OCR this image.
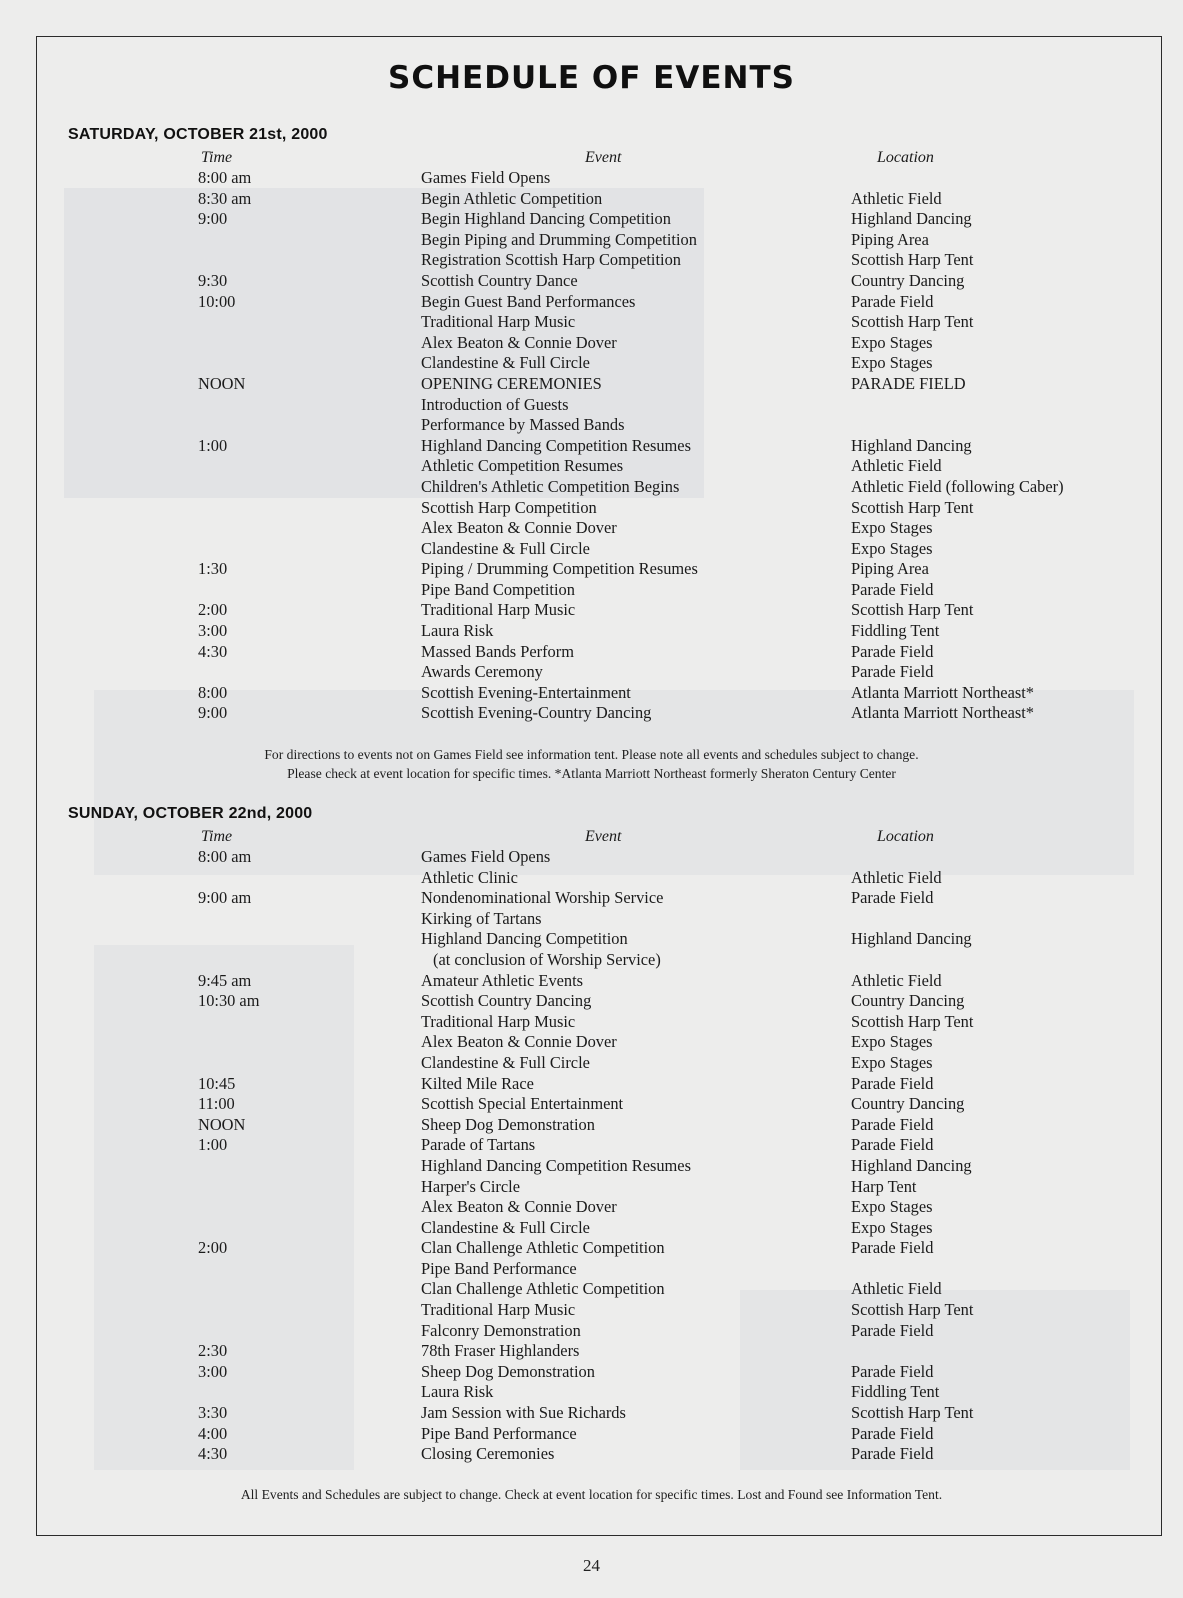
SCHEDULE OF EVENTS
SATURDAY, OCTOBER 21st, 2000
Time	Event	Location
8:00 am	Games Field Opens
8:30 am	Begin Athletic Competition	Athletic Field
9:00	Begin Highland Dancing Competition	Highland Dancing
Begin Piping and Drumming Competition	Piping Area
Registration Scottish Harp Competition	Scottish Harp Tent
9:30	Scottish Country Dance	Country Dancing
10:00	Begin Guest Band Performances	Parade Field
Traditional Harp Music	Scottish Harp Tent
Alex Beaton & Connie Dover	Expo Stages
Clandestine & Full Circle	Expo Stages
NOON	OPENING CEREMONIES	PARADE FIELD
Introduction of Guests
Performance by Massed Bands
1:00	Highland Dancing Competition Resumes	Highland Dancing
Athletic Competition Resumes	Athletic Field
Children's Athletic Competition Begins	Athletic Field (following Caber)
Scottish Harp Competition	Scottish Harp Tent
Alex Beaton & Connie Dover	Expo Stages
Clandestine & Full Circle	Expo Stages
1:30	Piping / Drumming Competition Resumes	Piping Area
Pipe Band Competition	Parade Field
2:00	Traditional Harp Music	Scottish Harp Tent
3:00	Laura Risk	Fiddling Tent
4:30	Massed Bands Perform	Parade Field
Awards Ceremony	Parade Field
8:00	Scottish Evening-Entertainment	Atlanta Marriott Northeast*
9:00	Scottish Evening-Country Dancing	Atlanta Marriott Northeast*
For directions to events not on Games Field see information tent. Please note all events and schedules subject to change.
Please check at event location for specific times. *Atlanta Marriott Northeast formerly Sheraton Century Center
SUNDAY, OCTOBER 22nd, 2000
Time	Event	Location
8:00 am	Games Field Opens
Athletic Clinic	Athletic Field
9:00 am	Nondenominational Worship Service	Parade Field
Kirking of Tartans
Highland Dancing Competition	Highland Dancing
(at conclusion of Worship Service)
9:45 am	Amateur Athletic Events	Athletic Field
10:30 am	Scottish Country Dancing	Country Dancing
Traditional Harp Music	Scottish Harp Tent
Alex Beaton & Connie Dover	Expo Stages
Clandestine & Full Circle	Expo Stages
10:45	Kilted Mile Race	Parade Field
11:00	Scottish Special Entertainment	Country Dancing
NOON	Sheep Dog Demonstration	Parade Field
1:00	Parade of Tartans	Parade Field
Highland Dancing Competition Resumes	Highland Dancing
Harper's Circle	Harp Tent
Alex Beaton & Connie Dover	Expo Stages
Clandestine & Full Circle	Expo Stages
2:00	Clan Challenge Athletic Competition	Parade Field
Pipe Band Performance
Clan Challenge Athletic Competition	Athletic Field
Traditional Harp Music	Scottish Harp Tent
Falconry Demonstration	Parade Field
2:30	78th Fraser Highlanders
3:00	Sheep Dog Demonstration	Parade Field
Laura Risk	Fiddling Tent
3:30	Jam Session with Sue Richards	Scottish Harp Tent
4:00	Pipe Band Performance	Parade Field
4:30	Closing Ceremonies	Parade Field
All Events and Schedules are subject to change. Check at event location for specific times. Lost and Found see Information Tent.
24
